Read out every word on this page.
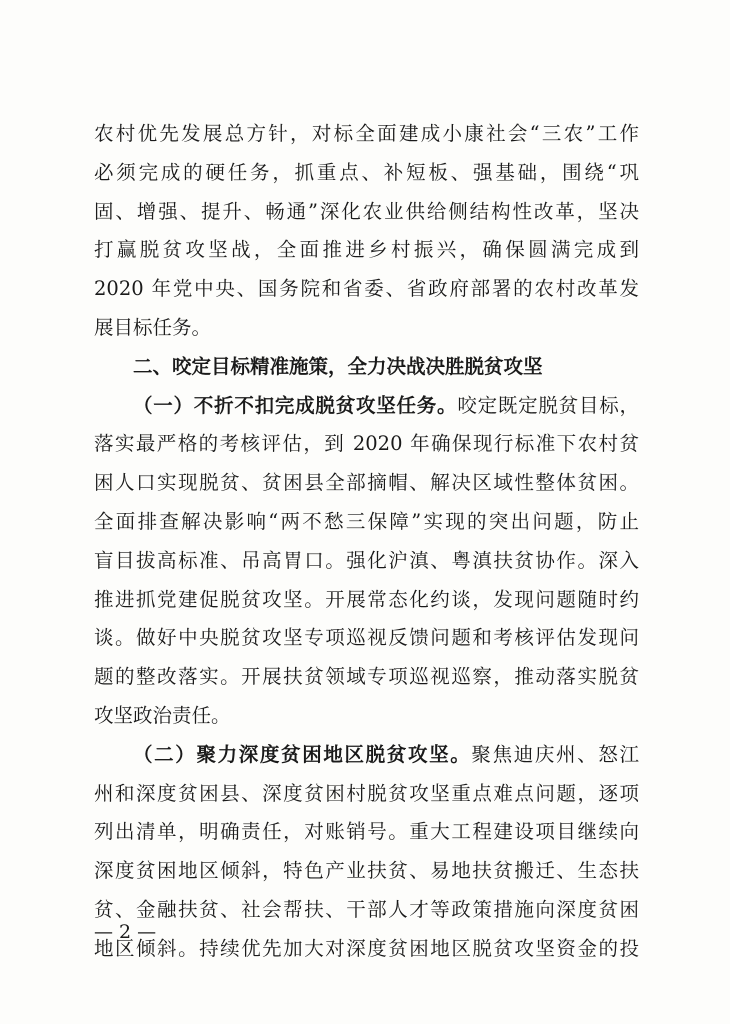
农村优先发展总方针，对标全面建成小康社会“三农”工作
必须完成的硬任务，抓重点、补短板、强基础，围绕“巩
固、增强、提升、畅通”深化农业供给侧结构性改革，坚决
打赢脱贫攻坚战，全面推进乡村振兴，确保圆满完成到
2020 年党中央、国务院和省委、省政府部署的农村改革发
展目标任务。
二、咬定目标精准施策，全力决战决胜脱贫攻坚
（一）不折不扣完成脱贫攻坚任务。咬定既定脱贫目标，
落实最严格的考核评估，到 2020 年确保现行标准下农村贫
困人口实现脱贫、贫困县全部摘帽、解决区域性整体贫困。
全面排查解决影响“两不愁三保障”实现的突出问题，防止
盲目拔高标准、吊高胃口。强化沪滇、粤滇扶贫协作。深入
推进抓党建促脱贫攻坚。开展常态化约谈，发现问题随时约
谈。做好中央脱贫攻坚专项巡视反馈问题和考核评估发现问
题的整改落实。开展扶贫领域专项巡视巡察，推动落实脱贫
攻坚政治责任。
（二）聚力深度贫困地区脱贫攻坚。聚焦迪庆州、怒江
州和深度贫困县、深度贫困村脱贫攻坚重点难点问题，逐项
列出清单，明确责任，对账销号。重大工程建设项目继续向
深度贫困地区倾斜，特色产业扶贫、易地扶贫搬迁、生态扶
贫、金融扶贫、社会帮扶、干部人才等政策措施向深度贫困
地区倾斜。持续优先加大对深度贫困地区脱贫攻坚资金的投
— 2 —
